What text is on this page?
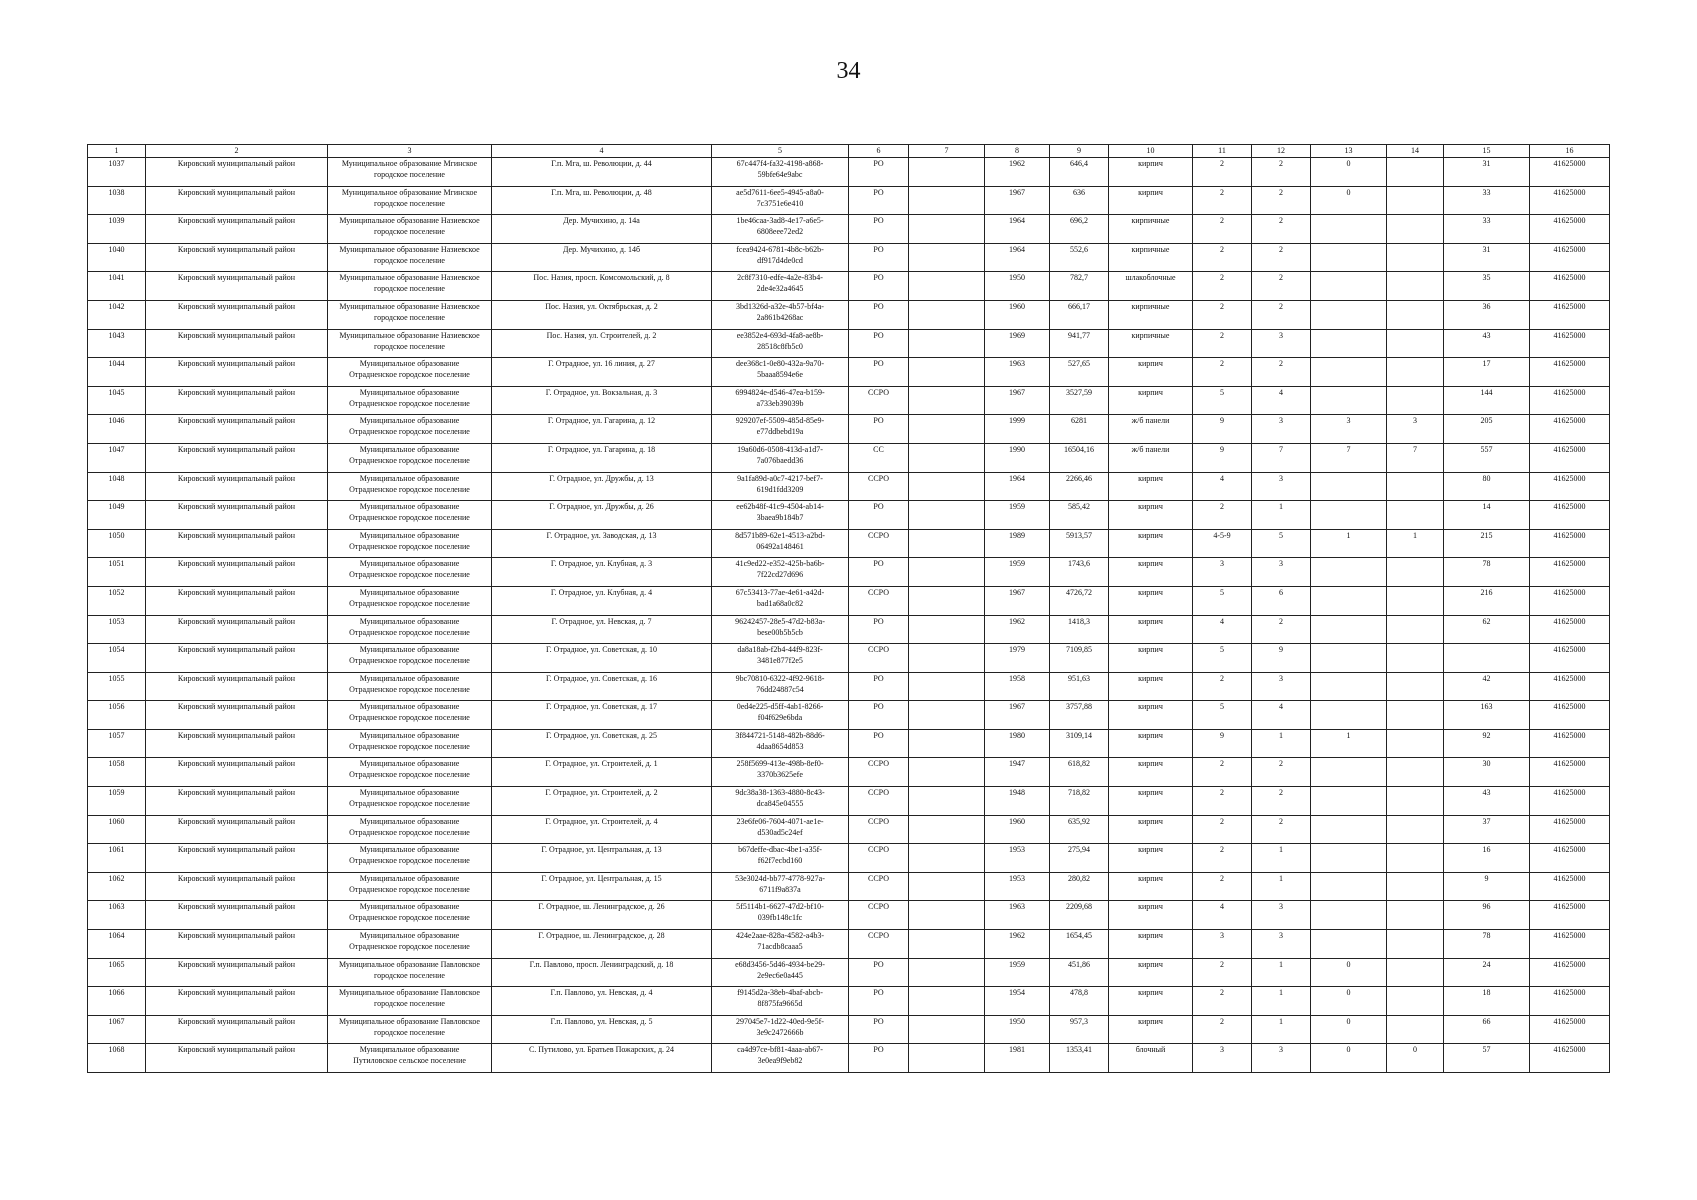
34
1	2	3	4	5	6	7	8	9	10	11	12	13	14	15	16
1037	Кировский муниципальный район	Муниципальное образование Мгинское
городское поселение	Г.п. Мга, ш. Революции, д. 44	67c447f4-fa32-4198-a868-
59bfe64e9abc	РО		1962	646,4	кирпич	2	2	0		31	41625000
1038	Кировский муниципальный район	Муниципальное образование Мгинское
городское поселение	Г.п. Мга, ш. Революции, д. 48	ae5d7611-6ee5-4945-a8a0-
7c3751e6e410	РО		1967	636	кирпич	2	2	0		33	41625000
1039	Кировский муниципальный район	Муниципальное образование Назиевское
городское поселение	Дер. Мучихино, д. 14а	1be46caa-3ad8-4e17-a6e5-
6808eee72ed2	РО		1964	696,2	кирпичные	2	2			33	41625000
1040	Кировский муниципальный район	Муниципальное образование Назиевское
городское поселение	Дер. Мучихино, д. 14б	fcea9424-6781-4b8c-b62b-
df917d4de0cd	РО		1964	552,6	кирпичные	2	2			31	41625000
1041	Кировский муниципальный район	Муниципальное образование Назиевское
городское поселение	Пос. Назия, просп. Комсомольский, д. 8	2c8f7310-edfe-4a2e-83b4-
2de4e32a4645	РО		1950	782,7	шлакоблочные	2	2			35	41625000
1042	Кировский муниципальный район	Муниципальное образование Назиевское
городское поселение	Пос. Назия, ул. Октябрьская, д. 2	3bd1326d-a32e-4b57-bf4a-
2a861b4268ac	РО		1960	666,17	кирпичные	2	2			36	41625000
1043	Кировский муниципальный район	Муниципальное образование Назиевское
городское поселение	Пос. Назия, ул. Строителей, д. 2	ee3852e4-693d-4fa8-ae8b-
28518c8fb5c0	РО		1969	941,77	кирпичные	2	3			43	41625000
1044	Кировский муниципальный район	Муниципальное образование
Отрадненское городское поселение	Г. Отрадное, ул. 16 линия, д. 27	dee368c1-0e80-432a-9a70-
5baaa8594e6e	РО		1963	527,65	кирпич	2	2			17	41625000
1045	Кировский муниципальный район	Муниципальное образование
Отрадненское городское поселение	Г. Отрадное, ул. Вокзальная, д. 3	6994824e-d546-47ea-b159-
a733eb39039b	ССРО		1967	3527,59	кирпич	5	4			144	41625000
1046	Кировский муниципальный район	Муниципальное образование
Отрадненское городское поселение	Г. Отрадное, ул. Гагарина, д. 12	929207ef-5509-485d-85e9-
e77ddbebd19a	РО		1999	6281	ж/б панели	9	3	3	3	205	41625000
1047	Кировский муниципальный район	Муниципальное образование
Отрадненское городское поселение	Г. Отрадное, ул. Гагарина, д. 18	19a60d6-0508-413d-a1d7-
7a076baedd36	СС		1990	16504,16	ж/б панели	9	7	7	7	557	41625000
1048	Кировский муниципальный район	Муниципальное образование
Отрадненское городское поселение	Г. Отрадное, ул. Дружбы, д. 13	9a1fa89d-a0c7-4217-bef7-
619d1fdd3209	ССРО		1964	2266,46	кирпич	4	3			80	41625000
1049	Кировский муниципальный район	Муниципальное образование
Отрадненское городское поселение	Г. Отрадное, ул. Дружбы, д. 26	ee62b48f-41c9-4504-ab14-
3baea9b184b7	РО		1959	585,42	кирпич	2	1			14	41625000
1050	Кировский муниципальный район	Муниципальное образование
Отрадненское городское поселение	Г. Отрадное, ул. Заводская, д. 13	8d571b89-62e1-4513-a2bd-
06492a148461	ССРО		1989	5913,57	кирпич	4-5-9	5	1	1	215	41625000
1051	Кировский муниципальный район	Муниципальное образование
Отрадненское городское поселение	Г. Отрадное, ул. Клубная, д. 3	41c9ed22-e352-425b-ba6b-
7f22cd27d696	РО		1959	1743,6	кирпич	3	3			78	41625000
1052	Кировский муниципальный район	Муниципальное образование
Отрадненское городское поселение	Г. Отрадное, ул. Клубная, д. 4	67c53413-77ae-4e61-a42d-
bad1a68a0c82	ССРО		1967	4726,72	кирпич	5	6			216	41625000
1053	Кировский муниципальный район	Муниципальное образование
Отрадненское городское поселение	Г. Отрадное, ул. Невская, д. 7	96242457-28e5-47d2-b83a-
bese00b5b5cb	РО		1962	1418,3	кирпич	4	2			62	41625000
1054	Кировский муниципальный район	Муниципальное образование
Отрадненское городское поселение	Г. Отрадное, ул. Советская, д. 10	da8a18ab-f2b4-44f9-823f-
3481e877f2e5	ССРО		1979	7109,85	кирпич	5	9				41625000
1055	Кировский муниципальный район	Муниципальное образование
Отрадненское городское поселение	Г. Отрадное, ул. Советская, д. 16	9bc70810-6322-4f92-9618-
76dd24887c54	РО		1958	951,63	кирпич	2	3			42	41625000
1056	Кировский муниципальный район	Муниципальное образование
Отрадненское городское поселение	Г. Отрадное, ул. Советская, д. 17	0ed4e225-d5ff-4ab1-8266-
f04f629e6bda	РО		1967	3757,88	кирпич	5	4			163	41625000
1057	Кировский муниципальный район	Муниципальное образование
Отрадненское городское поселение	Г. Отрадное, ул. Советская, д. 25	3f844721-5148-482b-88d6-
4daa8654d853	РО		1980	3109,14	кирпич	9	1	1		92	41625000
1058	Кировский муниципальный район	Муниципальное образование
Отрадненское городское поселение	Г. Отрадное, ул. Строителей, д. 1	258f5699-413e-498b-8ef0-
3370b3625efe	ССРО		1947	618,82	кирпич	2	2			30	41625000
1059	Кировский муниципальный район	Муниципальное образование
Отрадненское городское поселение	Г. Отрадное, ул. Строителей, д. 2	9dc38a38-1363-4880-8c43-
dca845e04555	ССРО		1948	718,82	кирпич	2	2			43	41625000
1060	Кировский муниципальный район	Муниципальное образование
Отрадненское городское поселение	Г. Отрадное, ул. Строителей, д. 4	23e6fe06-7604-4071-ae1e-
d530ad5c24ef	ССРО		1960	635,92	кирпич	2	2			37	41625000
1061	Кировский муниципальный район	Муниципальное образование
Отрадненское городское поселение	Г. Отрадное, ул. Центральная, д. 13	b67deffe-dbac-4be1-a35f-
f62f7ecbd160	ССРО		1953	275,94	кирпич	2	1			16	41625000
1062	Кировский муниципальный район	Муниципальное образование
Отрадненское городское поселение	Г. Отрадное, ул. Центральная, д. 15	53e3024d-bb77-4778-927a-
6711f9a837a	ССРО		1953	280,82	кирпич	2	1			9	41625000
1063	Кировский муниципальный район	Муниципальное образование
Отрадненское городское поселение	Г. Отрадное, ш. Ленинградское, д. 26	5f5114b1-6627-47d2-bf10-
039fb148c1fc	ССРО		1963	2209,68	кирпич	4	3			96	41625000
1064	Кировский муниципальный район	Муниципальное образование
Отрадненское городское поселение	Г. Отрадное, ш. Ленинградское, д. 28	424e2aae-828a-4582-a4b3-
71acdb8caaa5	ССРО		1962	1654,45	кирпич	3	3			78	41625000
1065	Кировский муниципальный район	Муниципальное образование Павловское
городское поселение	Г.п. Павлово, просп. Ленинградский, д. 18	e68d3456-5d46-4934-be29-
2e9ec6e0a445	РО		1959	451,86	кирпич	2	1	0		24	41625000
1066	Кировский муниципальный район	Муниципальное образование Павловское
городское поселение	Г.п. Павлово, ул. Невская, д. 4	f9145d2a-38eb-4baf-abcb-
8f875fa9665d	РО		1954	478,8	кирпич	2	1	0		18	41625000
1067	Кировский муниципальный район	Муниципальное образование Павловское
городское поселение	Г.п. Павлово, ул. Невская, д. 5	297045e7-1d22-40ed-9e5f-
3e9c2472666b	РО		1950	957,3	кирпич	2	1	0		66	41625000
1068	Кировский муниципальный район	Муниципальное образование
Путиловское сельское поселение	С. Путилово, ул. Братьев Пожарских, д. 24	ca4d97ce-bf81-4aaa-ab67-
3e0ea9f9eb82	РО		1981	1353,41	блочный	3	3	0	0	57	41625000
